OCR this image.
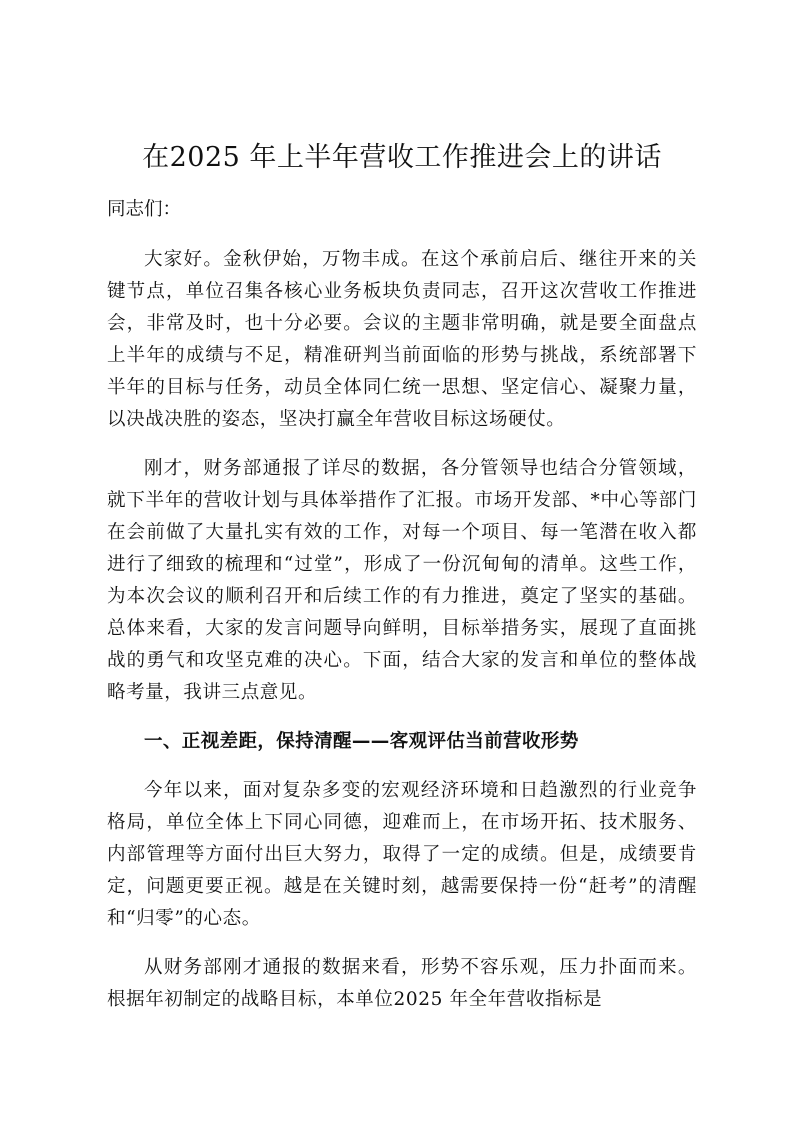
在2025 年上半年营收工作推进会上的讲话

同志们：

大家好。金秋伊始，万物丰成。在这个承前启后、继往开来的关键节点，单位召集各核心业务板块负责同志，召开这次营收工作推进会，非常及时，也十分必要。会议的主题非常明确，就是要全面盘点上半年的成绩与不足，精准研判当前面临的形势与挑战，系统部署下半年的目标与任务，动员全体同仁统一思想、坚定信心、凝聚力量，以决战决胜的姿态，坚决打赢全年营收目标这场硬仗。

刚才，财务部通报了详尽的数据，各分管领导也结合分管领域，就下半年的营收计划与具体举措作了汇报。市场开发部、*中心等部门在会前做了大量扎实有效的工作，对每一个项目、每一笔潜在收入都进行了细致的梳理和“过堂”，形成了一份沉甸甸的清单。这些工作，为本次会议的顺利召开和后续工作的有力推进，奠定了坚实的基础。总体来看，大家的发言问题导向鲜明，目标举措务实，展现了直面挑战的勇气和攻坚克难的决心。下面，结合大家的发言和单位的整体战略考量，我讲三点意见。

一、正视差距，保持清醒——客观评估当前营收形势

今年以来，面对复杂多变的宏观经济环境和日趋激烈的行业竞争格局，单位全体上下同心同德，迎难而上，在市场开拓、技术服务、内部管理等方面付出巨大努力，取得了一定的成绩。但是，成绩要肯定，问题更要正视。越是在关键时刻，越需要保持一份“赶考”的清醒和“归零”的心态。

从财务部刚才通报的数据来看，形势不容乐观，压力扑面而来。根据年初制定的战略目标，本单位2025 年全年营收指标是
